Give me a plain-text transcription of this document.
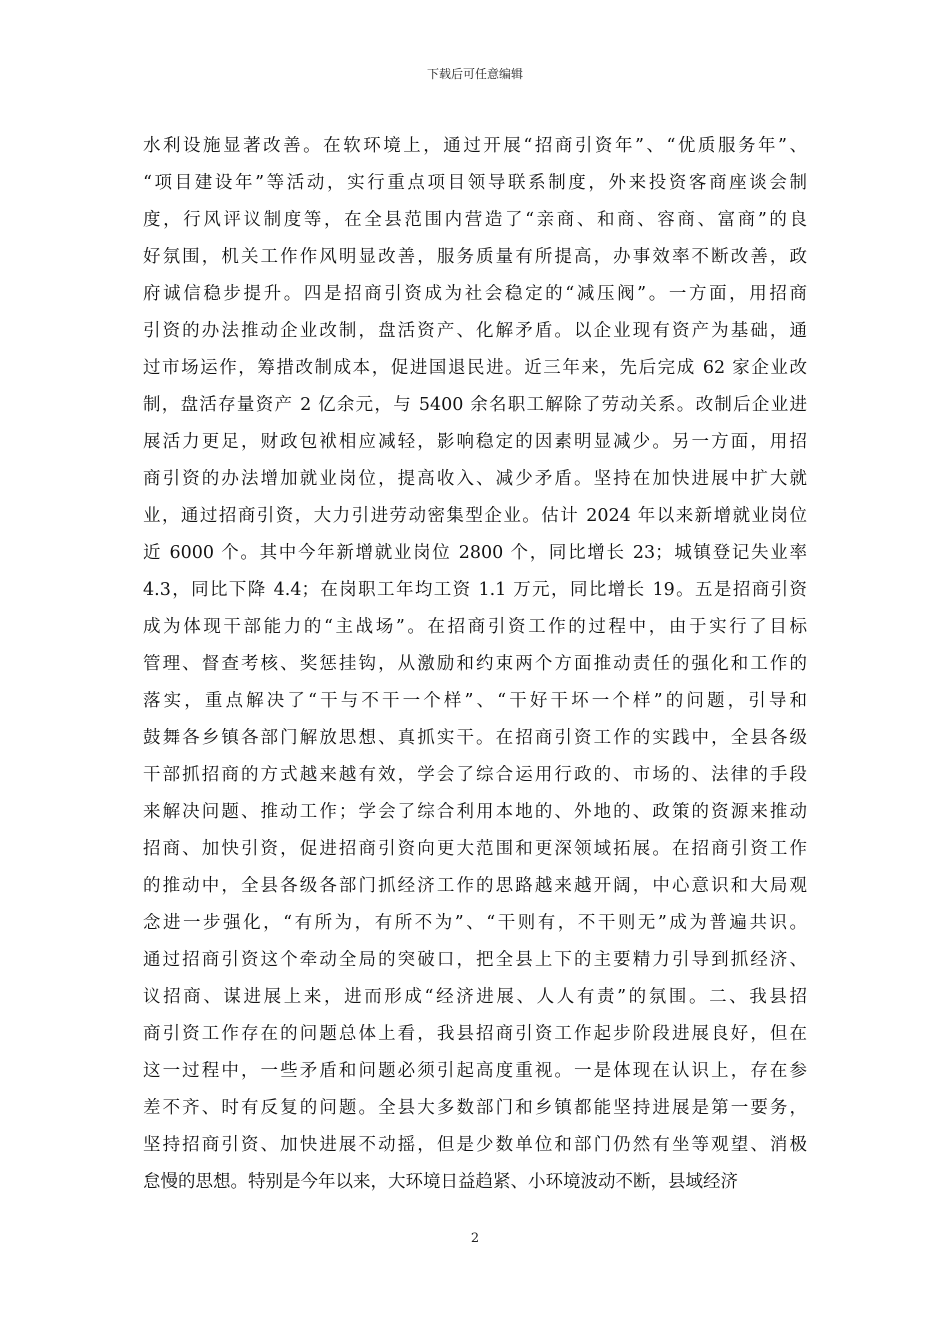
下载后可任意编辑
水利设施显著改善。在软环境上，通过开展“招商引资年”、“优质服务年”、
“项目建设年”等活动，实行重点项目领导联系制度，外来投资客商座谈会制
度，行风评议制度等，在全县范围内营造了“亲商、和商、容商、富商”的良
好氛围，机关工作作风明显改善，服务质量有所提高，办事效率不断改善，政
府诚信稳步提升。四是招商引资成为社会稳定的“减压阀”。一方面，用招商
引资的办法推动企业改制，盘活资产、化解矛盾。以企业现有资产为基础，通
过市场运作，筹措改制成本，促进国退民进。近三年来，先后完成 62 家企业改
制，盘活存量资产 2 亿余元，与 5400 余名职工解除了劳动关系。改制后企业进
展活力更足，财政包袱相应减轻，影响稳定的因素明显减少。另一方面，用招
商引资的办法增加就业岗位，提高收入、减少矛盾。坚持在加快进展中扩大就
业，通过招商引资，大力引进劳动密集型企业。估计 2024 年以来新增就业岗位
近 6000 个。其中今年新增就业岗位 2800 个，同比增长 23；城镇登记失业率
4.3，同比下降 4.4；在岗职工年均工资 1.1 万元，同比增长 19。五是招商引资
成为体现干部能力的“主战场”。在招商引资工作的过程中，由于实行了目标
管理、督查考核、奖惩挂钩，从激励和约束两个方面推动责任的强化和工作的
落实，重点解决了“干与不干一个样”、“干好干坏一个样”的问题，引导和
鼓舞各乡镇各部门解放思想、真抓实干。在招商引资工作的实践中，全县各级
干部抓招商的方式越来越有效，学会了综合运用行政的、市场的、法律的手段
来解决问题、推动工作；学会了综合利用本地的、外地的、政策的资源来推动
招商、加快引资，促进招商引资向更大范围和更深领域拓展。在招商引资工作
的推动中，全县各级各部门抓经济工作的思路越来越开阔，中心意识和大局观
念进一步强化，“有所为，有所不为”、“干则有，不干则无”成为普遍共识。
通过招商引资这个牵动全局的突破口，把全县上下的主要精力引导到抓经济、
议招商、谋进展上来，进而形成“经济进展、人人有责”的氛围。二、我县招
商引资工作存在的问题总体上看，我县招商引资工作起步阶段进展良好，但在
这一过程中，一些矛盾和问题必须引起高度重视。一是体现在认识上，存在参
差不齐、时有反复的问题。全县大多数部门和乡镇都能坚持进展是第一要务，
坚持招商引资、加快进展不动摇，但是少数单位和部门仍然有坐等观望、消极
怠慢的思想。特别是今年以来，大环境日益趋紧、小环境波动不断，县域经济
2
